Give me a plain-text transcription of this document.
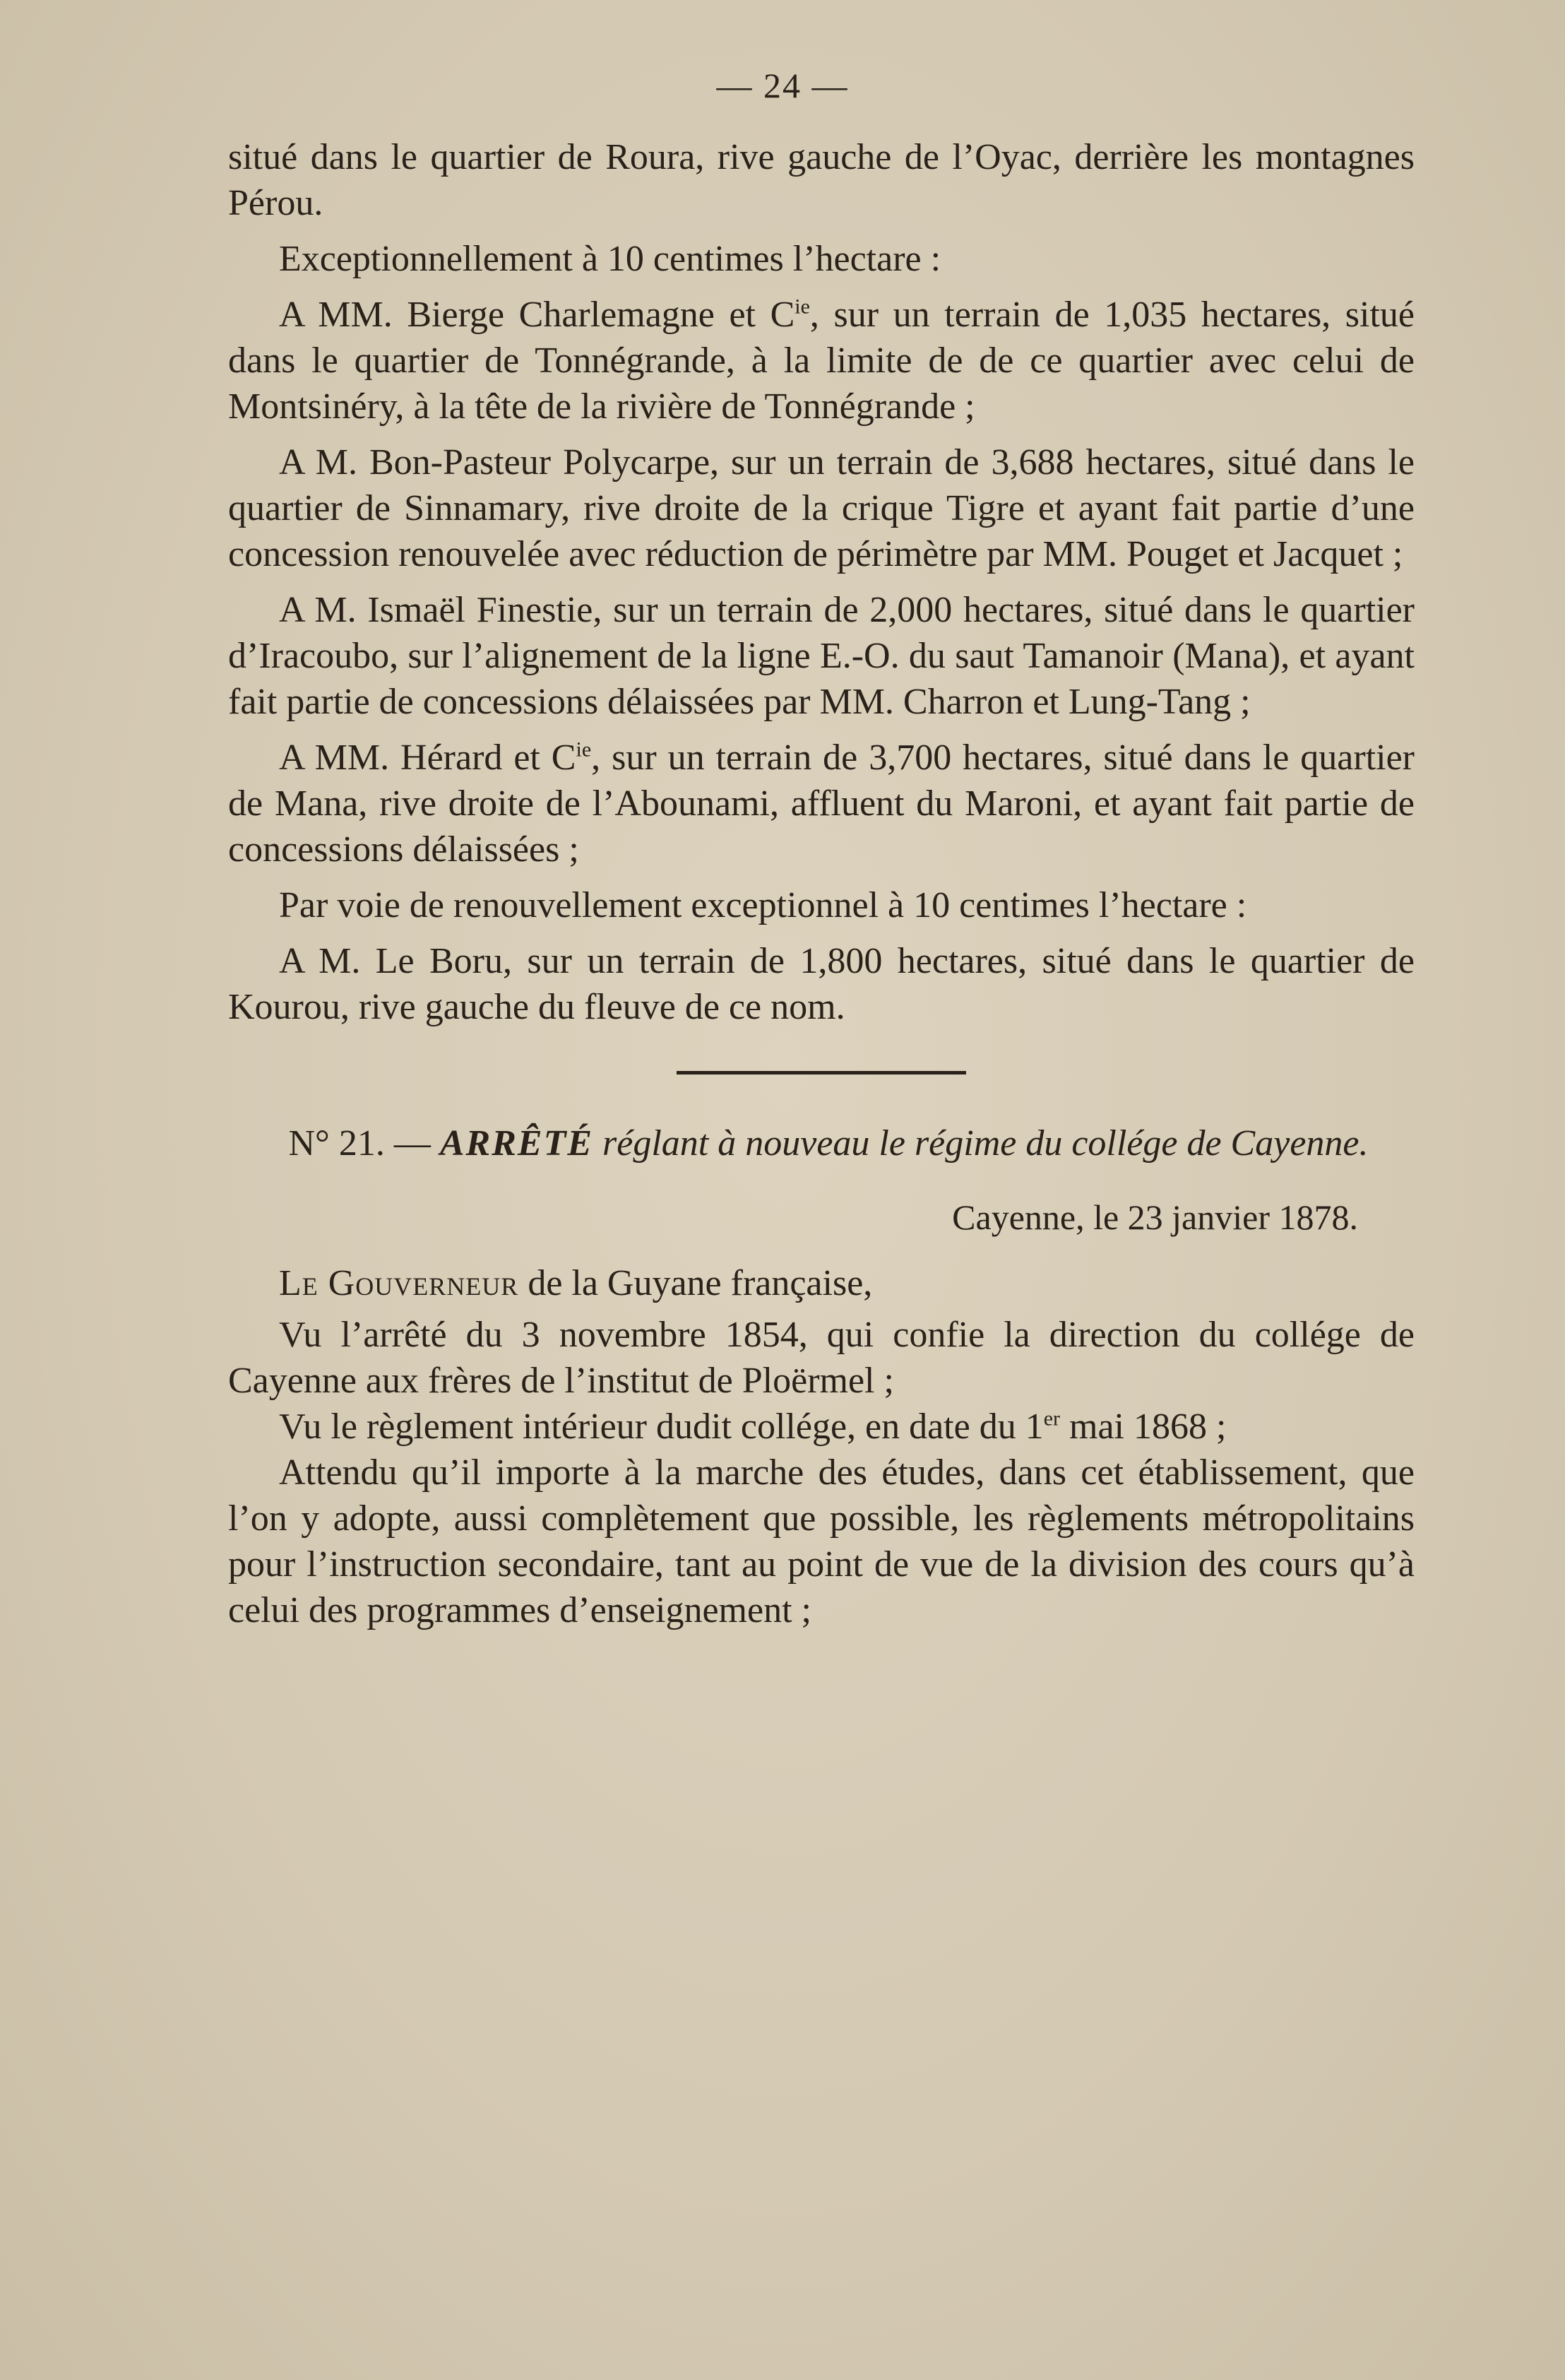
— 24 —

situé dans le quartier de Roura, rive gauche de l’Oyac, derrière les montagnes Pérou.

Exceptionnellement à 10 centimes l’hectare :

A MM. Bierge Charlemagne et $C^{ie}$, sur un terrain de 1,035 hectares, situé dans le quartier de Tonnégrande, à la limite de de ce quartier avec celui de Montsinéry, à la tête de la rivière de Tonnégrande ;

A M. Bon-Pasteur Polycarpe, sur un terrain de 3,688 hectares, situé dans le quartier de Sinnamary, rive droite de la crique Tigre et ayant fait partie d’une concession renouvelée avec réduction de périmètre par MM. Pouget et Jacquet ;

A M. Ismaël Finestie, sur un terrain de 2,000 hectares, situé dans le quartier d’Iracoubo, sur l’alignement de la ligne E.-O. du saut Tamanoir (Mana), et ayant fait partie de concessions délaissées par MM. Charron et Lung-Tang ;

A MM. Hérard et $C^{ie}$, sur un terrain de 3,700 hectares, situé dans le quartier de Mana, rive droite de l’Abounami, affluent du Maroni, et ayant fait partie de concessions délaissées ;

Par voie de renouvellement exceptionnel à 10 centimes l’hectare :

A M. Le Boru, sur un terrain de 1,800 hectares, situé dans le quartier de Kourou, rive gauche du fleuve de ce nom.

N° 21. — ARRÊTÉ réglant à nouveau le régime du collége de Cayenne.

Cayenne, le 23 janvier 1878.

Le Gouverneur de la Guyane française,

Vu l’arrêté du 3 novembre 1854, qui confie la direction du collége de Cayenne aux frères de l’institut de Ploërmel ;

Vu le règlement intérieur dudit collége, en date du 1er mai 1868 ;

Attendu qu’il importe à la marche des études, dans cet établissement, que l’on y adopte, aussi complètement que possible, les règlements métropolitains pour l’instruction secondaire, tant au point de vue de la division des cours qu’à celui des programmes d’enseignement ;
